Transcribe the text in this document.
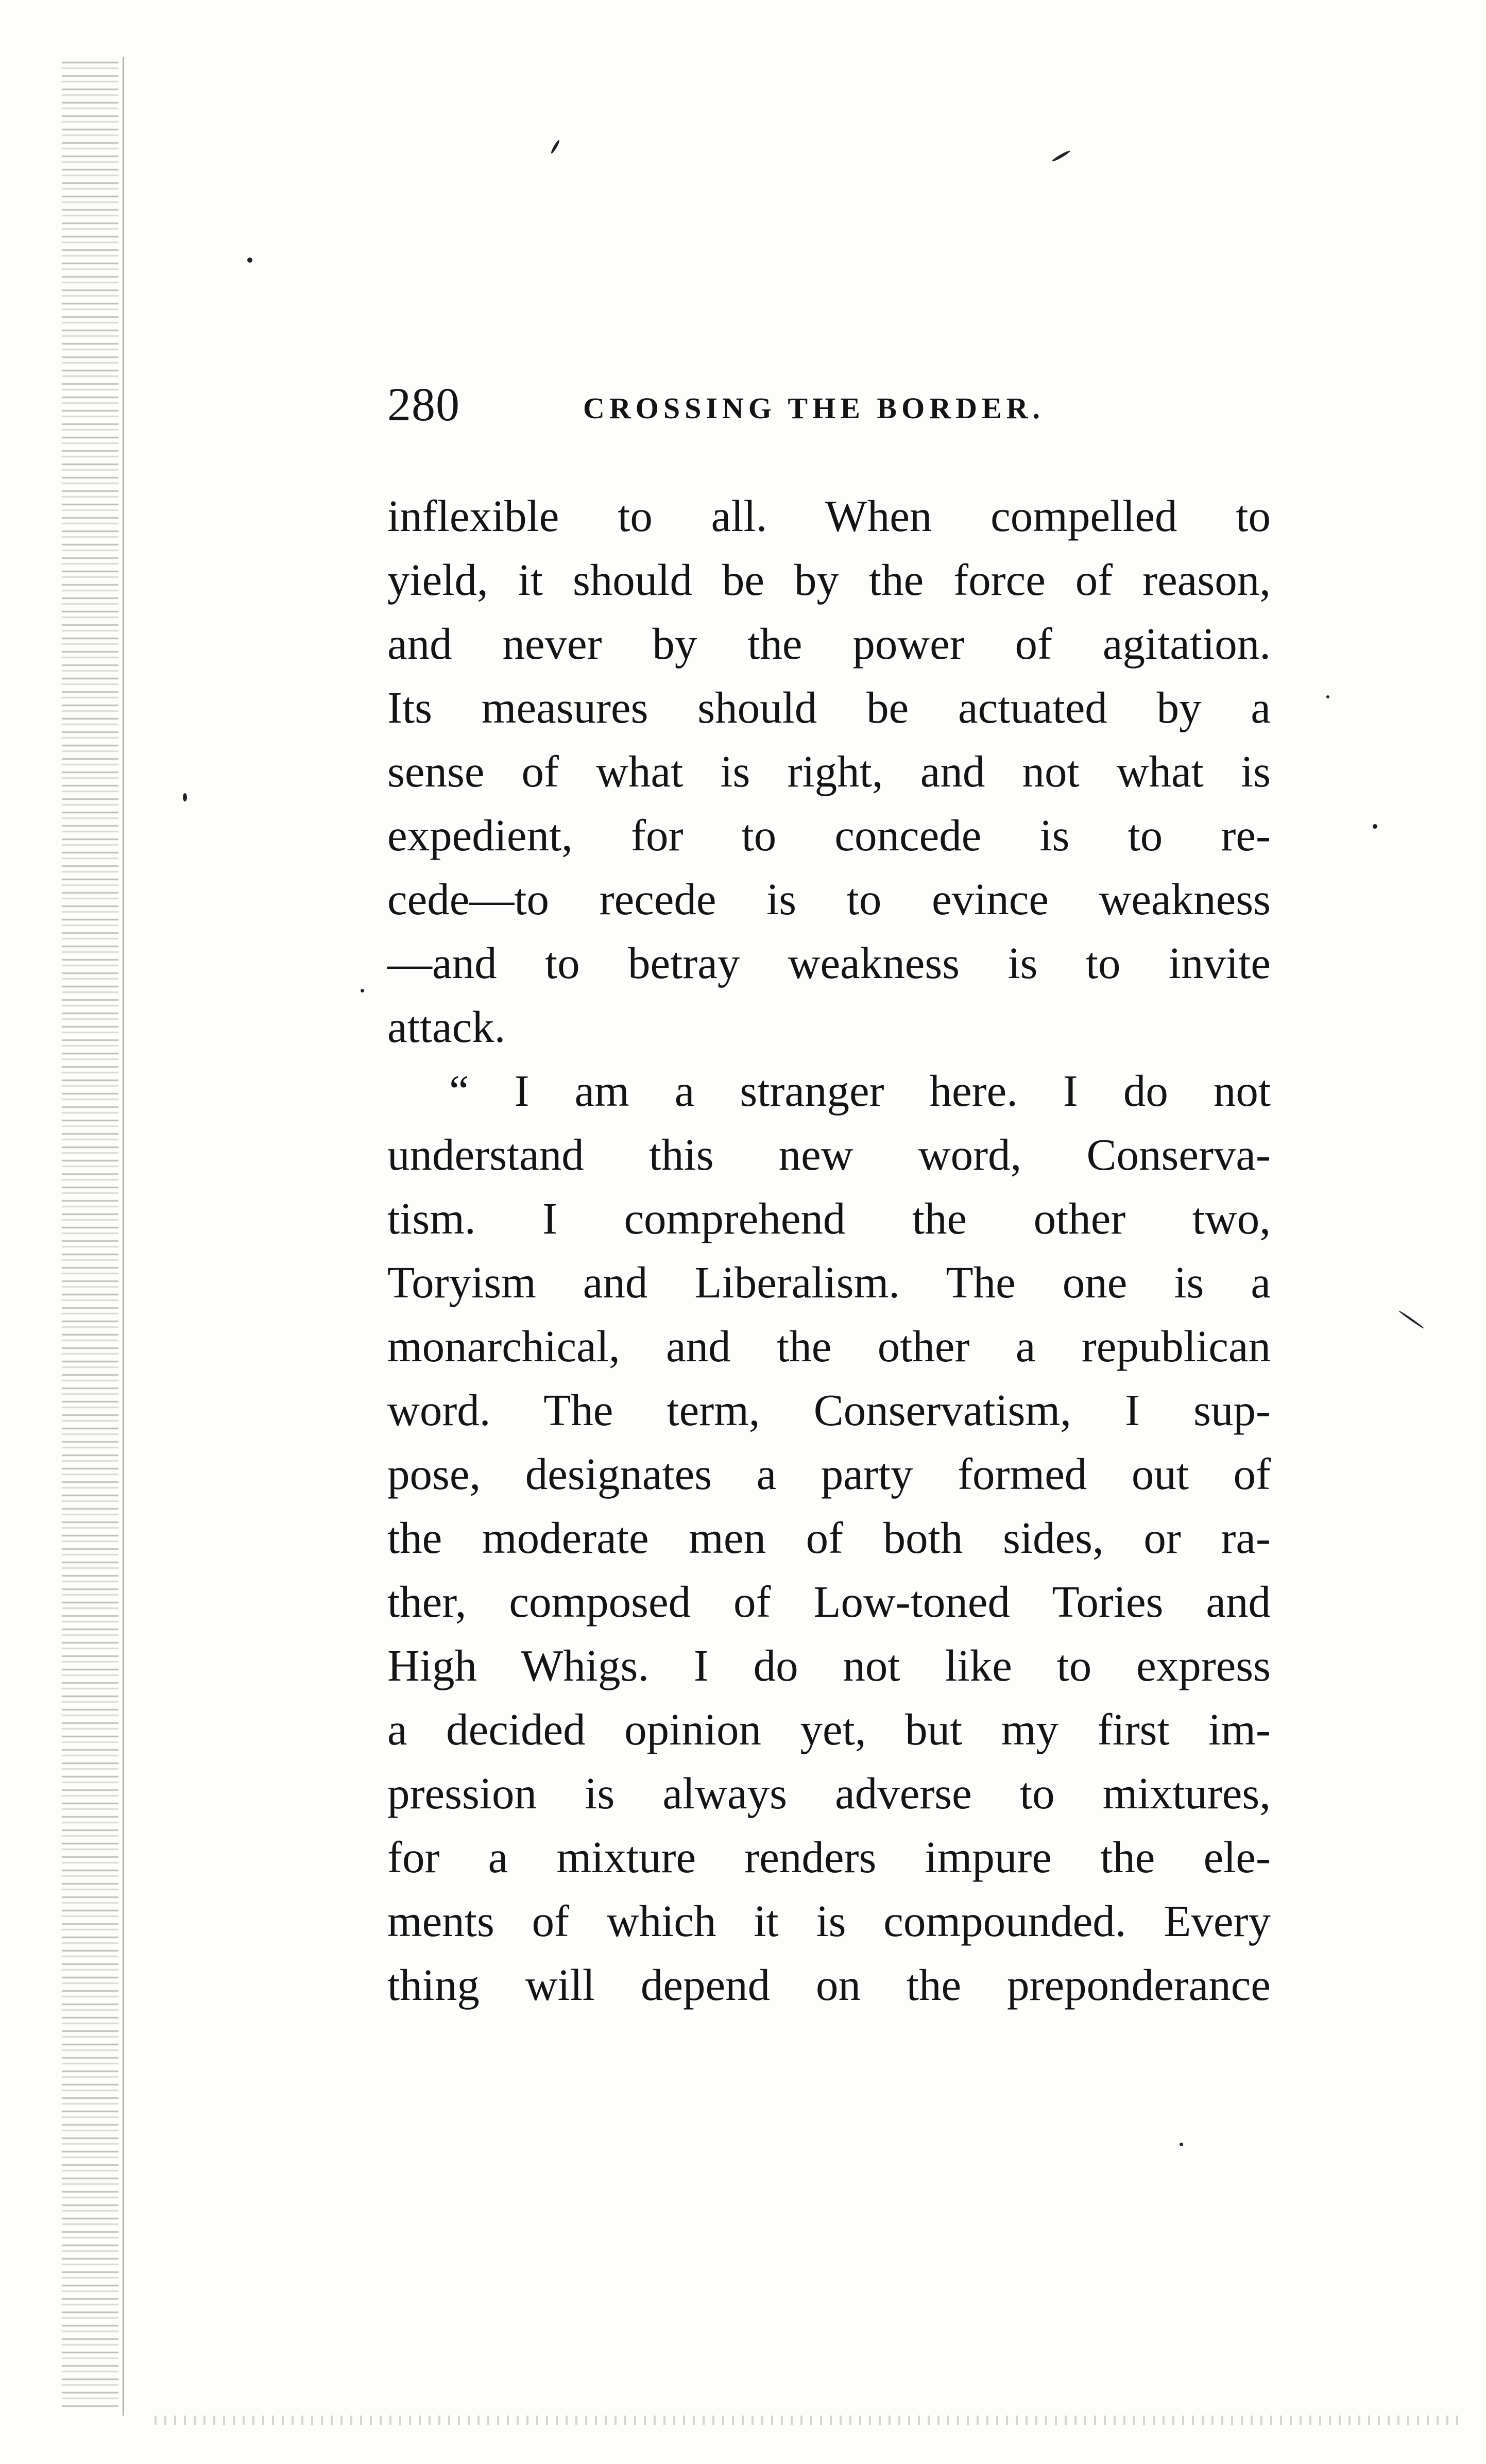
280	CROSSING THE BORDER.
inflexible to all. When compelled to
yield, it should be by the force of reason,
and never by the power of agitation.
Its measures should be actuated by a
sense of what is right, and not what is
expedient, for to concede is to re-
cede—to recede is to evince weakness
—and to betray weakness is to invite
attack.
“ I am a stranger here. I do not
understand this new word, Conserva-
tism. I comprehend the other two,
Toryism and Liberalism. The one is a
monarchical, and the other a republican
word. The term, Conservatism, I sup-
pose, designates a party formed out of
the moderate men of both sides, or ra-
ther, composed of Low-toned Tories and
High Whigs. I do not like to express
a decided opinion yet, but my first im-
pression is always adverse to mixtures,
for a mixture renders impure the ele-
ments of which it is compounded. Every
thing will depend on the preponderance
